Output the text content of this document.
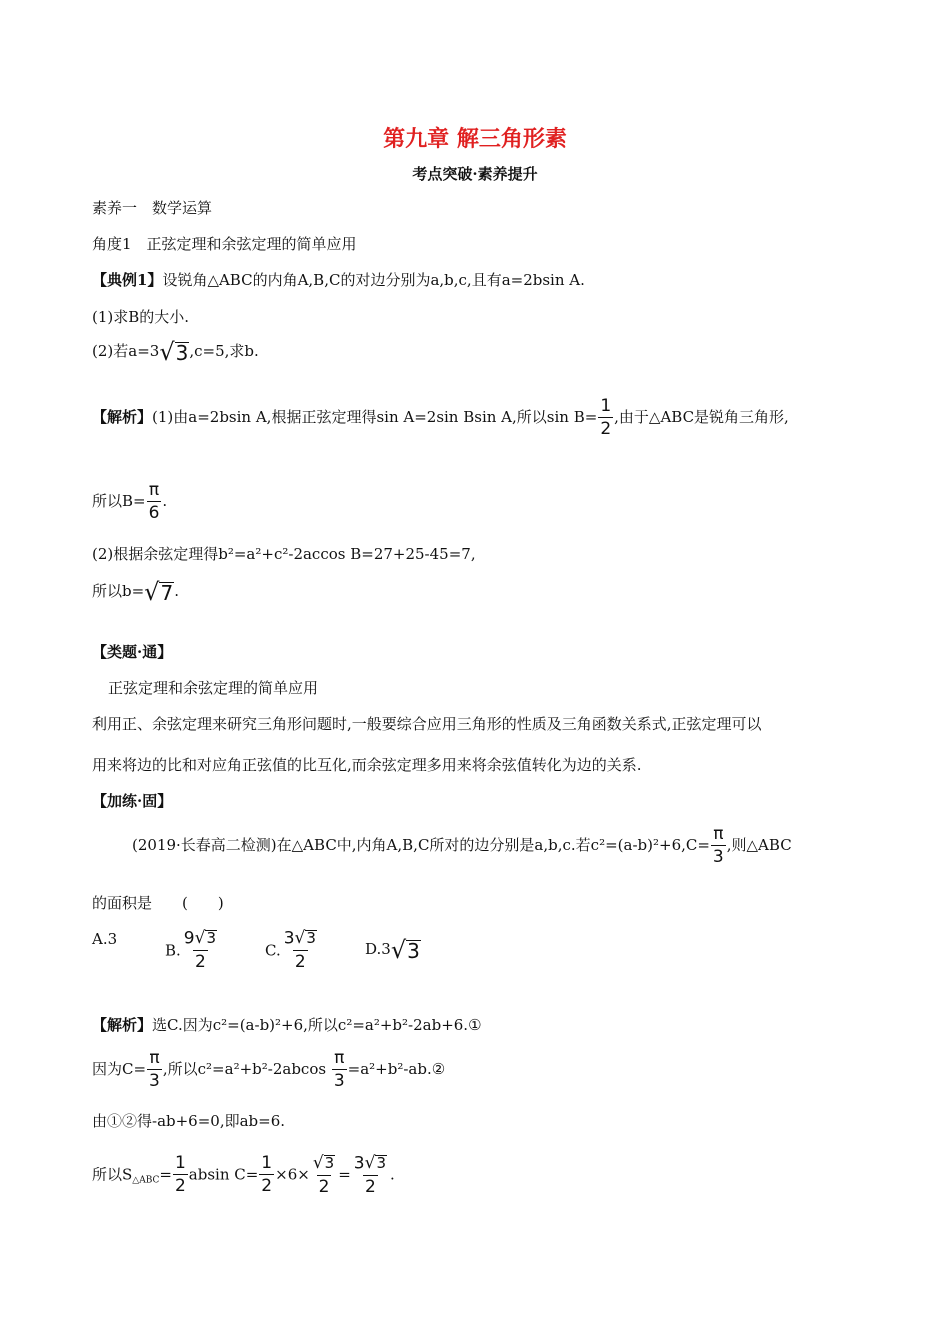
第九章 解三角形素
考点突破·素养提升
素养一　数学运算
角度1　正弦定理和余弦定理的简单应用
【典例1】设锐角△ABC的内角A,B,C的对边分别为a,b,c,且有a=2bsin A.
(1)求B的大小.
(2)若a=3 √ 3 ,c=5,求b.
【解析】(1)由a=2bsin A,根据正弦定理得sin A=2sin Bsin A,所以$\sin B= \frac{1}{2}$ ,由于△ABC是锐角三角形,
所以$B= \frac{\pi}{6}$ .
(2)根据余弦定理得b²=a²+c²-2accos B=27+25-45=7,
所以b= √ 7 .
【类题·通】
正弦定理和余弦定理的简单应用
利用正、余弦定理来研究三角形问题时,一般要综合应用三角形的性质及三角函数关系式,正弦定理可以
用来将边的比和对应角正弦值的比互化,而余弦定理多用来将余弦值转化为边的关系.
【加练·固】
(2019·长春高二检测)在△ABC中,内角A,B,C所对的边分别是a,b,c.若$c^2=(a-b)^2+6,C= \frac{\pi}{3}$ ,则△ABC
的面积是　　(　　)
A.3
B. $\frac{9 √ 3}{2}$	C. $\frac{3 √ 3}{2}$	D.3 √ 3
【解析】选C.因为c²=(a-b)²+6,所以c²=a²+b²-2ab+6.①
因为$C= \frac{\pi}{3}$ ,所以$c^2=a^2+b^2-2abcos \frac{\pi}{3}$ =a²+b²-ab.②
由①②得-ab+6=0,即ab=6.
所以$S_{\triangle ABC}= \frac{1}{2}$ absin $C= \frac{1}{2} \times 6\times \frac{√ 3}{2} = \frac{3 √ 3}{2}$ .
